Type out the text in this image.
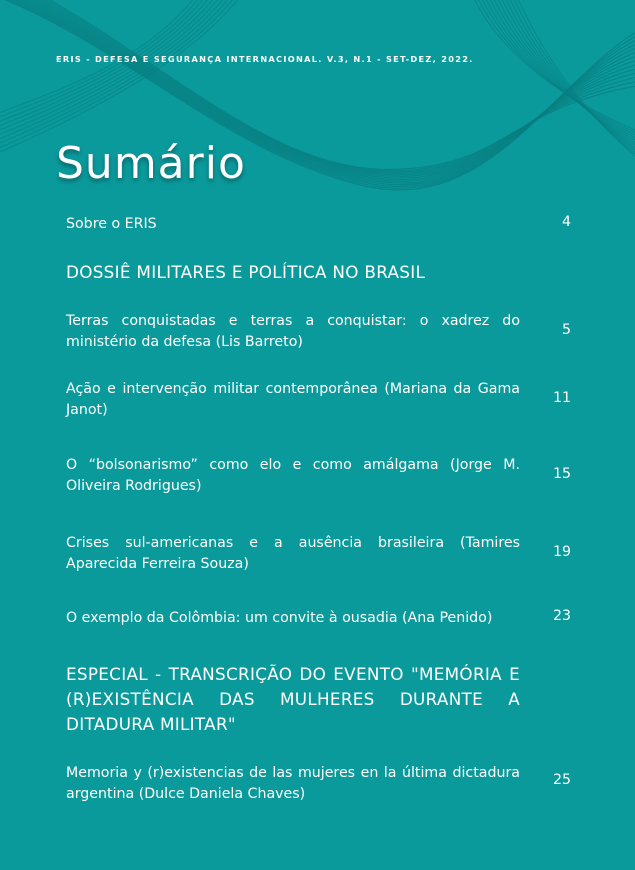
ERIS - DEFESA E SEGURANÇA INTERNACIONAL. V.3, N.1 - SET-DEZ, 2022.
Sumário
Sobre o ERIS	4
DOSSIÊ MILITARES E POLÍTICA NO BRASIL
Terras conquistadas e terras a conquistar: o xadrez do ministério da defesa (Lis Barreto)
5
Ação e intervenção militar contemporânea (Mariana da Gama Janot)
11
O “bolsonarismo” como elo e como amálgama (Jorge M. Oliveira Rodrigues)
15
Crises sul-americanas e a ausência brasileira (Tamires Aparecida Ferreira Souza)
19
O exemplo da Colômbia: um convite à ousadia (Ana Penido)	23
ESPECIAL - TRANSCRIÇÃO DO EVENTO "MEMÓRIA E (R)EXISTÊNCIA DAS MULHERES DURANTE A DITADURA MILITAR"
Memoria y (r)existencias de las mujeres en la última dictadura argentina (Dulce Daniela Chaves)
25
